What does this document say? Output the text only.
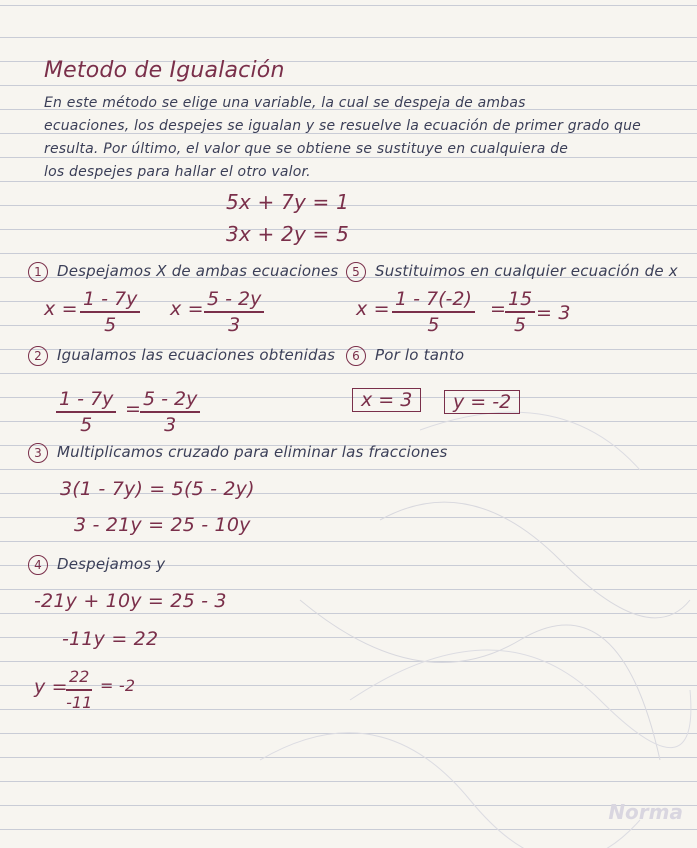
Metodo de Igualación
En este método se elige una variable, la cual se despeja de ambas
ecuaciones, los despejes se igualan y se resuelve la ecuación de primer grado que
resulta. Por último, el valor que se obtiene se sustituye en cualquiera de
los despejes para hallar el otro valor.
5x + 7y = 1
3x + 2y = 5
1 Despejamos X de ambas ecuaciones
$x = \frac{1 - 7y}{5}$ $x = \frac{5 - 2y}{3}$
5 Sustituimos en cualquier ecuación de x
$x = \frac{1 - 7(-2)}{5}$ =
$\frac{15}{5} = 3$
2 Igualamos las ecuaciones obtenidas
$\frac{1 - 7y}{5}$ =
$\frac{5 - 2y}{3}$
6 Por lo tanto
x = 3	y = -2
3 Multiplicamos cruzado para eliminar las fracciones
3(1 - 7y) = 5(5 - 2y)
3 - 21y = 25 - 10y
4 Despejamos y
-21y + 10y = 25 - 3
-11y = 22
y =
$\frac{22}{-11} = -2$
Norma
